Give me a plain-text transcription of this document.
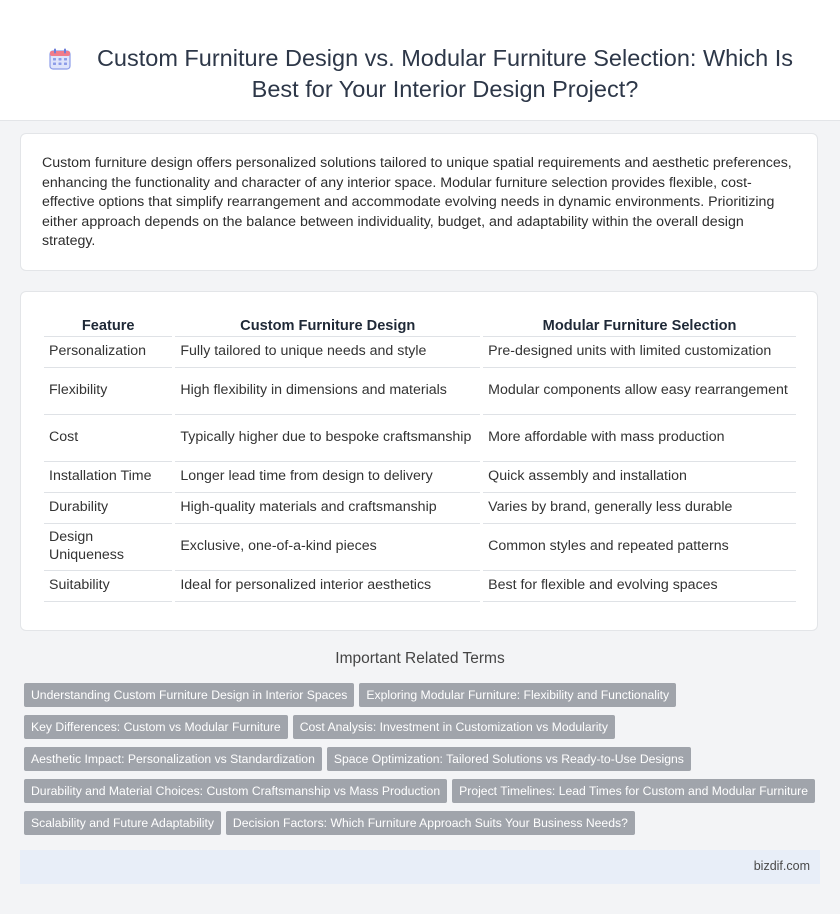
Custom Furniture Design vs. Modular Furniture Selection: Which Is Best for Your Interior Design Project?

Custom furniture design offers personalized solutions tailored to unique spatial requirements and aesthetic preferences, enhancing the functionality and character of any interior space. Modular furniture selection provides flexible, cost-effective options that simplify rearrangement and accommodate evolving needs in dynamic environments. Prioritizing either approach depends on the balance between individuality, budget, and adaptability within the overall design strategy.

Feature	Custom Furniture Design	Modular Furniture Selection
Personalization	Fully tailored to unique needs and style	Pre-designed units with limited customization
Flexibility	High flexibility in dimensions and materials	Modular components allow easy rearrangement
Cost	Typically higher due to bespoke craftsmanship	More affordable with mass production
Installation Time	Longer lead time from design to delivery	Quick assembly and installation
Durability	High-quality materials and craftsmanship	Varies by brand, generally less durable
Design Uniqueness	Exclusive, one-of-a-kind pieces	Common styles and repeated patterns
Suitability	Ideal for personalized interior aesthetics	Best for flexible and evolving spaces
Important Related Terms
Understanding Custom Furniture Design in Interior Spaces Exploring Modular Furniture: Flexibility and Functionality
Key Differences: Custom vs Modular Furniture Cost Analysis: Investment in Customization vs Modularity
Aesthetic Impact: Personalization vs Standardization Space Optimization: Tailored Solutions vs Ready-to-Use Designs
Durability and Material Choices: Custom Craftsmanship vs Mass Production Project Timelines: Lead Times for Custom and Modular Furniture
Scalability and Future Adaptability Decision Factors: Which Furniture Approach Suits Your Business Needs?
bizdif.com
